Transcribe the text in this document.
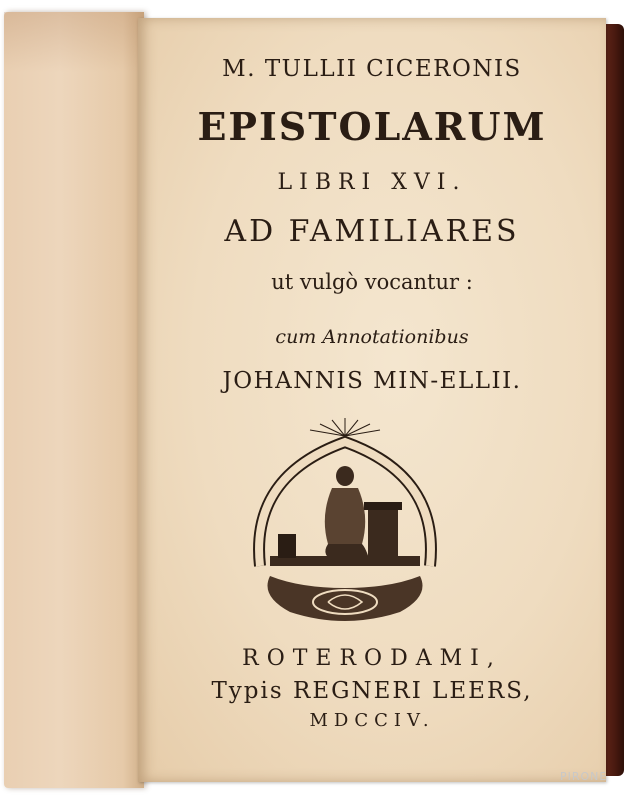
M. TULLII CICERONIS
EPISTOLARUM
LIBRI XVI.
AD FAMILIARES
ut vulgò vocantur :
cum Annotationibus
JOHANNIS MIN-ELLII.
ROTERODAMI,
Typis REGNERI LEERS,
MDCCIV.
PIRONE
